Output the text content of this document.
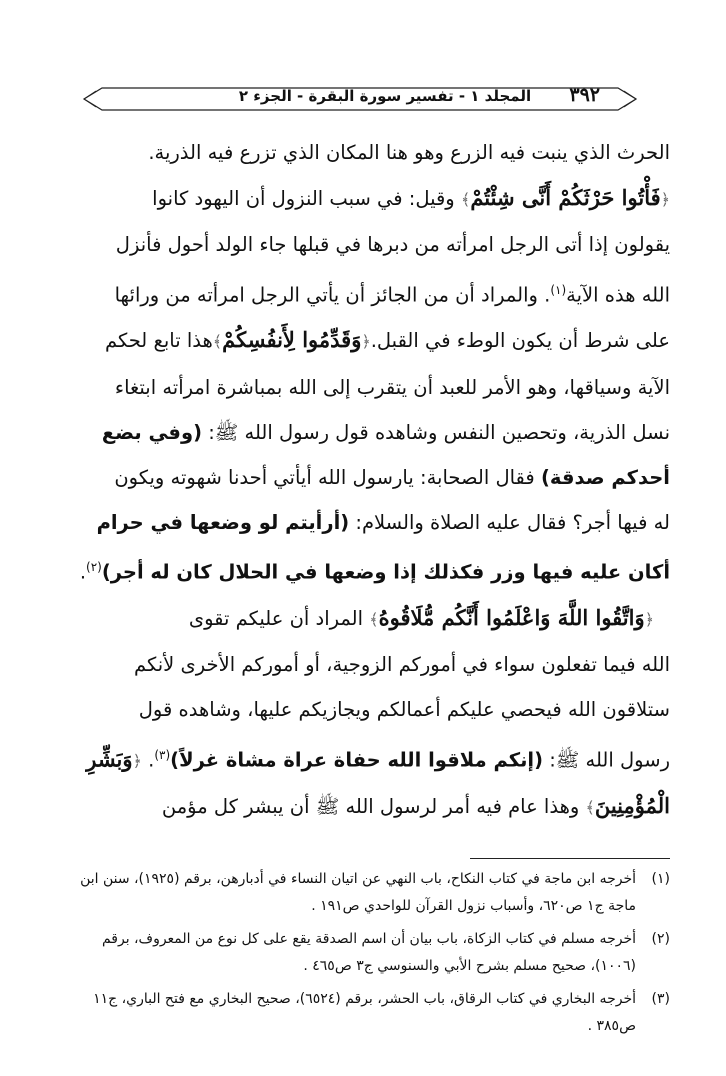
٣٩٢
المجلد ١ - تفسير سورة البقرة - الجزء ٢

الحرث الذي ينبت فيه الزرع وهو هنا المكان الذي تزرع فيه الذرية.

﴿فَأْتُوا حَرْثَكُمْ أَنَّى شِئْتُمْ﴾ وقيل: في سبب النزول أن اليهود كانوا

يقولون إذا أتى الرجل امرأته من دبرها في قبلها جاء الولد أحول فأنزل

الله هذه الآية$^{(١)}$. والمراد أن من الجائز أن يأتي الرجل امرأته من ورائها

على شرط أن يكون الوطء في القبل.﴿وَقَدِّمُوا لِأَنفُسِكُمْ﴾هذا تابع لحكم

الآية وسياقها، وهو الأمر للعبد أن يتقرب إلى الله بمباشرة امرأته ابتغاء

نسل الذرية، وتحصين النفس وشاهده قول رسول الله ﷺ: (وفي بضع

أحدكم صدقة) فقال الصحابة: يارسول الله أيأتي أحدنا شهوته ويكون

له فيها أجر؟ فقال عليه الصلاة والسلام: (أرأيتم لو وضعها في حرام

أكان عليه فيها وزر فكذلك إذا وضعها في الحلال كان له أجر)$^{(٢)}$.

﴿وَاتَّقُوا اللَّهَ وَاعْلَمُوا أَنَّكُم مُّلَاقُوهُ﴾ المراد أن عليكم تقوى

الله فيما تفعلون سواء في أموركم الزوجية، أو أموركم الأخرى لأنكم

ستلاقون الله فيحصي عليكم أعمالكم ويجازيكم عليها، وشاهده قول

رسول الله ﷺ: (إنكم ملاقوا الله حفاة عراة مشاة غرلاً)$^{(٣)}$. ﴿وَبَشِّرِ

الْمُؤْمِنِينَ﴾ وهذا عام فيه أمر لرسول الله ﷺ أن يبشر كل مؤمن

(١)
أخرجه ابن ماجة في كتاب النكاح، باب النهي عن اتيان النساء في أدبارهن، برقم (١٩٢٥)، سنن ابن ماجة ج١ ص٦٢٠، وأسباب نزول القرآن للواحدي ص١٩١ .
(٢)
أخرجه مسلم في كتاب الزكاة، باب بيان أن اسم الصدقة يقع على كل نوع من المعروف، برقم (١٠٠٦)، صحيح مسلم بشرح الأبي والسنوسي ج٣ ص٤٦٥ .
(٣)
أخرجه البخاري في كتاب الرقاق، باب الحشر، برقم (٦٥٢٤)، صحيح البخاري مع فتح الباري، ج١١ ص٣٨٥ .
